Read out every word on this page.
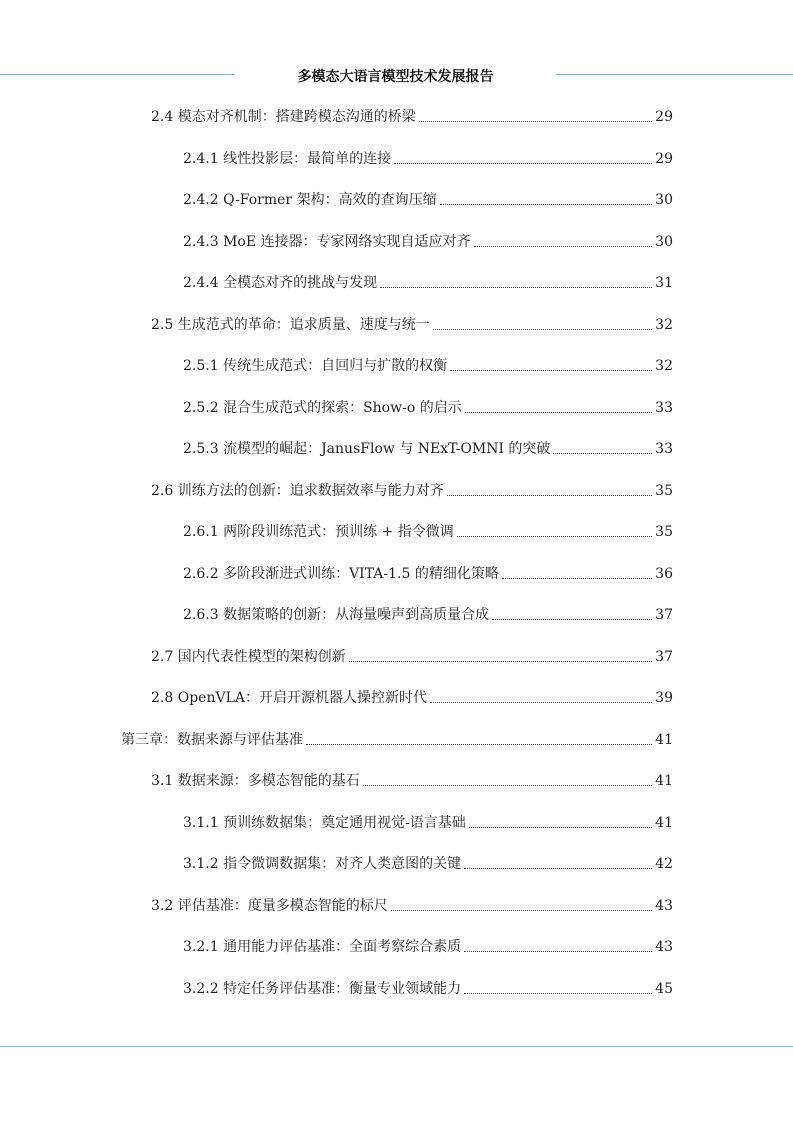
多模态大语言模型技术发展报告
2.4 模态对齐机制：搭建跨模态沟通的桥梁	29
2.4.1 线性投影层：最简单的连接	29
2.4.2 Q-Former 架构：高效的查询压缩	30
2.4.3 MoE 连接器：专家网络实现自适应对齐	30
2.4.4 全模态对齐的挑战与发现	31
2.5 生成范式的革命：追求质量、速度与统一	32
2.5.1 传统生成范式：自回归与扩散的权衡	32
2.5.2 混合生成范式的探索：Show-o 的启示	33
2.5.3 流模型的崛起：JanusFlow 与 NExT-OMNI 的突破	33
2.6 训练方法的创新：追求数据效率与能力对齐	35
2.6.1 两阶段训练范式：预训练 + 指令微调	35
2.6.2 多阶段渐进式训练：VITA-1.5 的精细化策略	36
2.6.3 数据策略的创新：从海量噪声到高质量合成	37
2.7 国内代表性模型的架构创新	37
2.8 OpenVLA：开启开源机器人操控新时代	39
第三章：数据来源与评估基准	41
3.1 数据来源：多模态智能的基石	41
3.1.1 预训练数据集：奠定通用视觉-语言基础	41
3.1.2 指令微调数据集：对齐人类意图的关键	42
3.2 评估基准：度量多模态智能的标尺	43
3.2.1 通用能力评估基准：全面考察综合素质	43
3.2.2 特定任务评估基准：衡量专业领域能力	45
